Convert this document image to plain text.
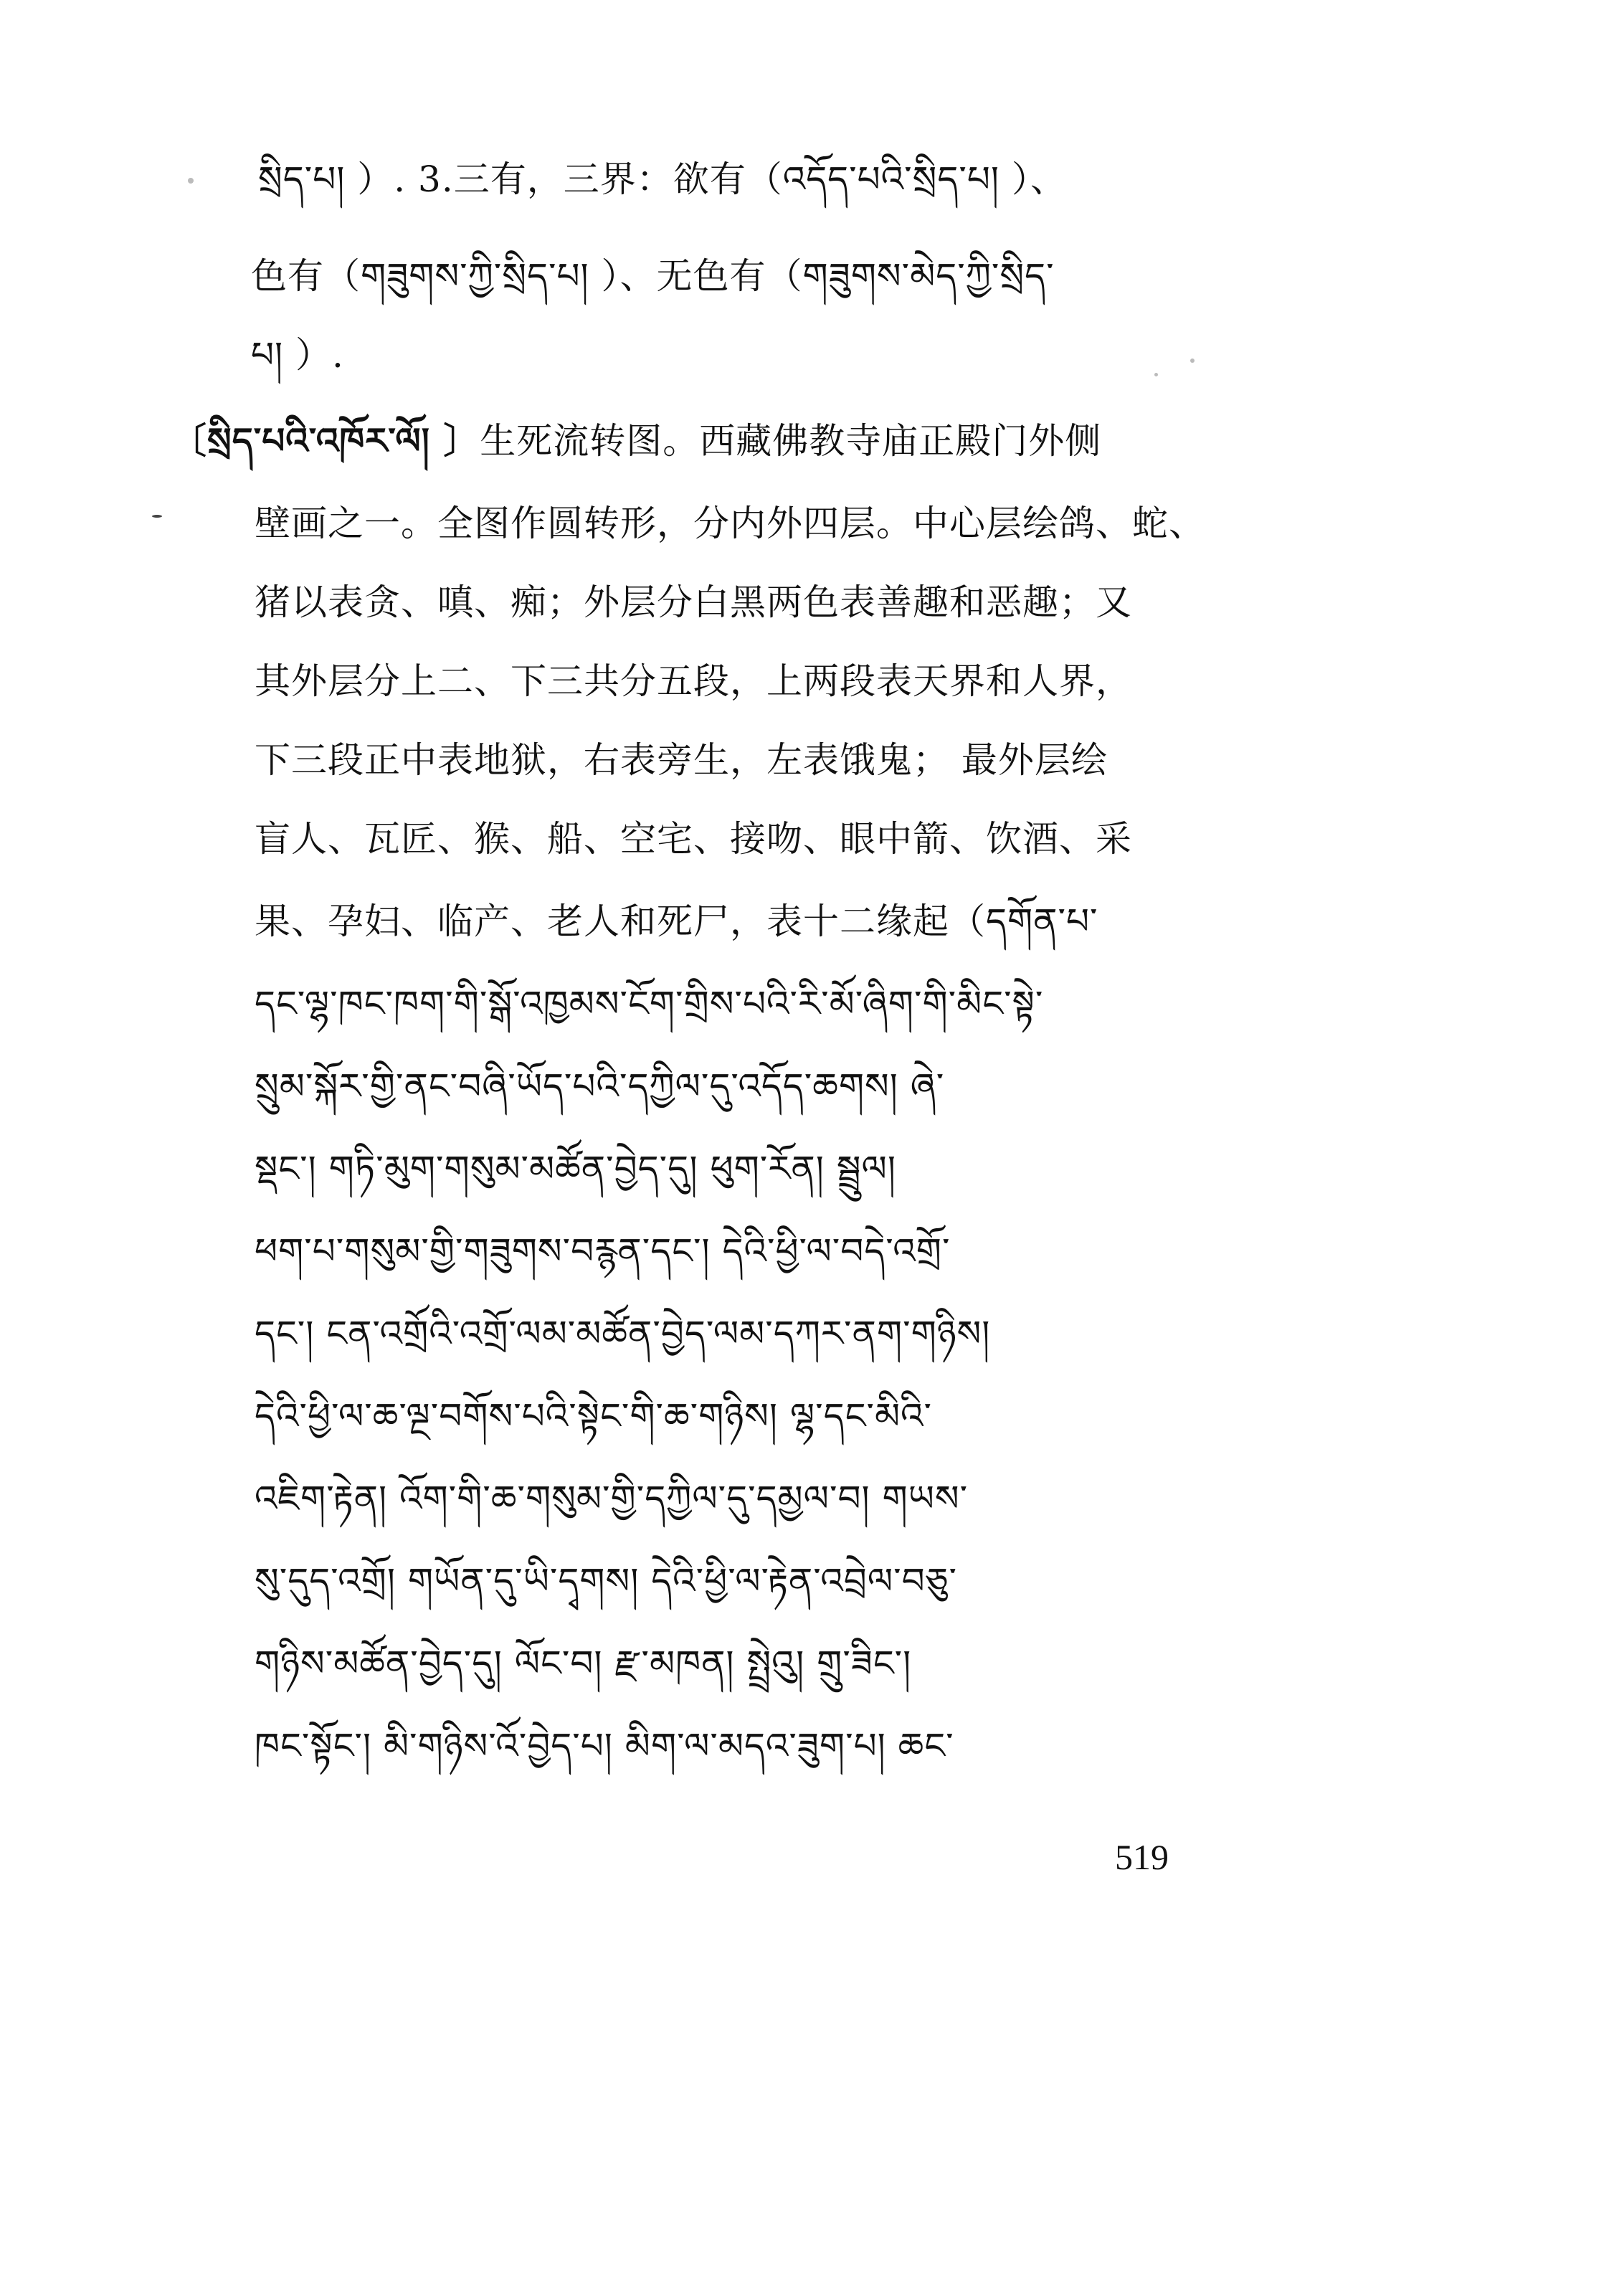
སྲིད་པ། ）. 3.三有，三界：欲有（འདོད་པའི་སྲིད་པ། ）、
色有（གཟུགས་ཀྱི་སྲིད་པ། ）、无色有（གཟུགས་མེད་ཀྱི་སྲིད་
པ། ）.
〔སྲིད་པའི་འཁོར་ལོ། 〕生死流转图。西藏佛教寺庙正殿门外侧
壁画之一。全图作圆转形，分内外四层。中心层绘鸽、蛇、
猪以表贪、嗔、痴；外层分白黑两色表善趣和恶趣；又
其外层分上二、下三共分五段，上两段表天界和人界，
下三段正中表地狱，右表旁生，左表饿鬼； 最外层绘
盲人、瓦匠、猴、船、空宅、接吻、眼中箭、饮酒、采
果、孕妇、临产、老人和死尸，表十二缘起（དགོན་པ་
དང་ལྷ་ཁང་ཁག་གི་སྒོ་འཁྱམས་ངོག་གྲིས་པའི་རི་མོ་ཞིག་གི་མིང་སྟེ་
སྲུམ་སྐོར་གྱི་ནང་བཞི་ཡོད་པའི་དཀྱིལ་དུ་འདོད་ཆགས། ཞེ་
སྡང་། གཏི་མུག་གསུམ་མཚོན་བྱེད་དུ། ཕུག་རོན། སྦྲུལ།
ཕག་པ་གསུམ་གྱི་གཟུགས་བརྙན་དང་། དེའི་ཕྱི་ལ་བདེ་འགྲོ་
དང་། ངན་འགྲོའི་འགྲོ་ལམ་མཚོན་བྱེད་ལམ་དཀར་ནག་གཉིས།
དེའི་ཕྱི་ལ་ཆ་ལྔ་བགོས་པའི་སྟེང་གི་ཆ་གཉིས། ལྷ་དང་མིའི་
འཇིག་རྟེན། འོག་གི་ཆ་གསུམ་གྱི་དཀྱིལ་དུ་དམྱལ་བ། གཡས་
སུ་དུད་འགྲོ། གཡོན་དུ་ཡི་དྭགས། དེའི་ཕྱི་ལ་རྟེན་འབྲེལ་བཅུ་
གཉིས་མཚོན་བྱེད་དུ། ལོང་བ། རྫ་མཁན། སྤྲེའུ། གྲུ་ཟིང་།
ཁང་སྟོང་། མི་གཉིས་འོ་བྱེད་པ། མིག་ལ་མདའ་ཟུག་པ། ཆང་
519
